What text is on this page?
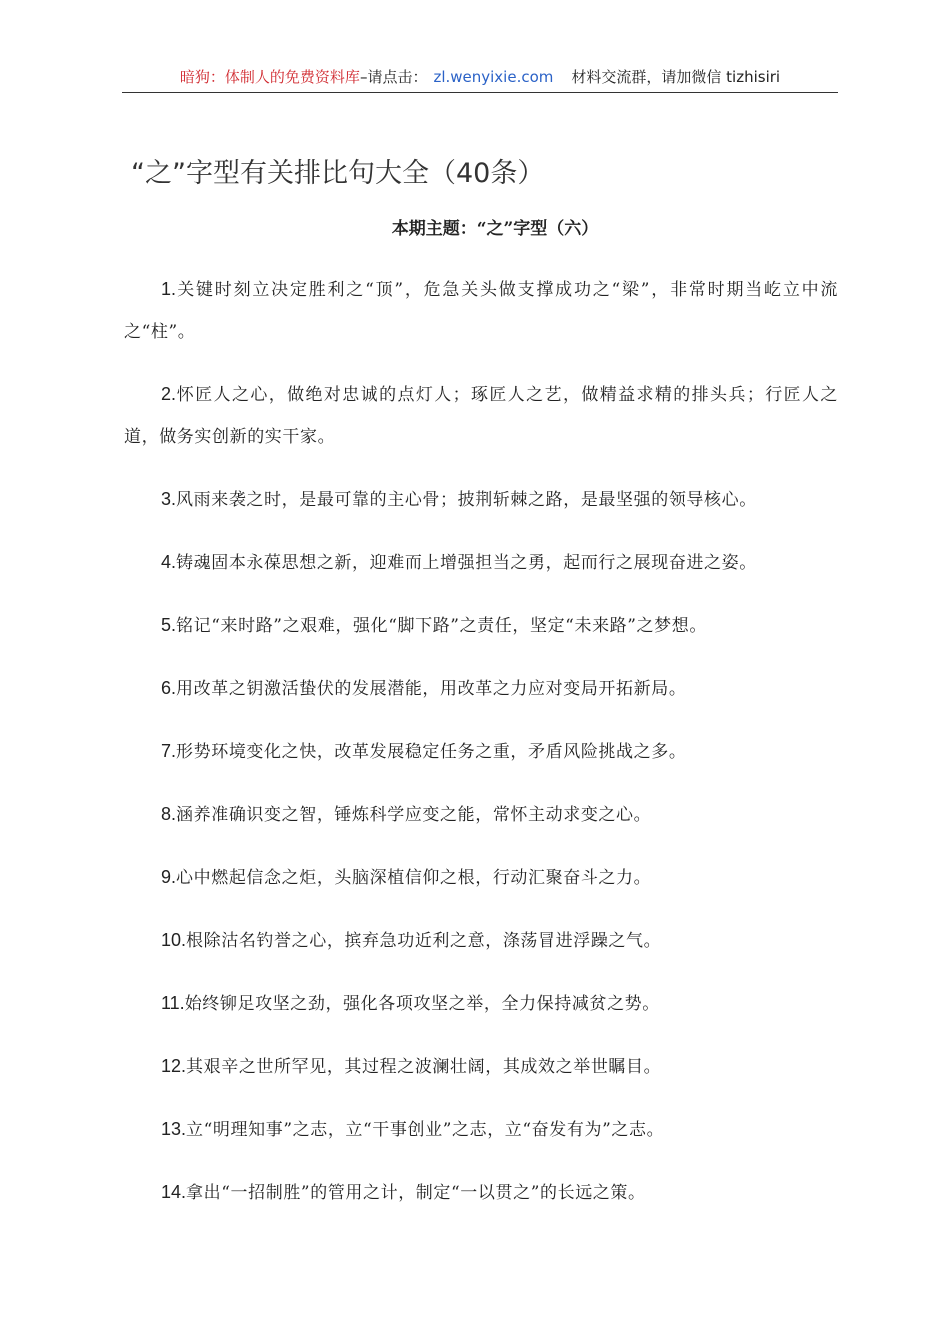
暗狗：体制人的免费资料库–请点击： zl.wenyixie.com 材料交流群，请加微信 tizhisiri
“之”字型有关排比句大全（40条）
本期主题：“之”字型（六）
1.关键时刻立决定胜利之“顶”，危急关头做支撑成功之“梁”，非常时期当屹立中流之“柱”。
2.怀匠人之心，做绝对忠诚的点灯人；琢匠人之艺，做精益求精的排头兵；行匠人之道，做务实创新的实干家。
3.风雨来袭之时，是最可靠的主心骨；披荆斩棘之路，是最坚强的领导核心。
4.铸魂固本永葆思想之新，迎难而上增强担当之勇，起而行之展现奋进之姿。
5.铭记“来时路”之艰难，强化“脚下路”之责任，坚定“未来路”之梦想。
6.用改革之钥激活蛰伏的发展潜能，用改革之力应对变局开拓新局。
7.形势环境变化之快，改革发展稳定任务之重，矛盾风险挑战之多。
8.涵养准确识变之智，锤炼科学应变之能，常怀主动求变之心。
9.心中燃起信念之炬，头脑深植信仰之根，行动汇聚奋斗之力。
10.根除沽名钓誉之心，摈弃急功近利之意，涤荡冒进浮躁之气。
11.始终铆足攻坚之劲，强化各项攻坚之举，全力保持减贫之势。
12.其艰辛之世所罕见，其过程之波澜壮阔，其成效之举世瞩目。
13.立“明理知事”之志，立“干事创业”之志，立“奋发有为”之志。
14.拿出“一招制胜”的管用之计，制定“一以贯之”的长远之策。
